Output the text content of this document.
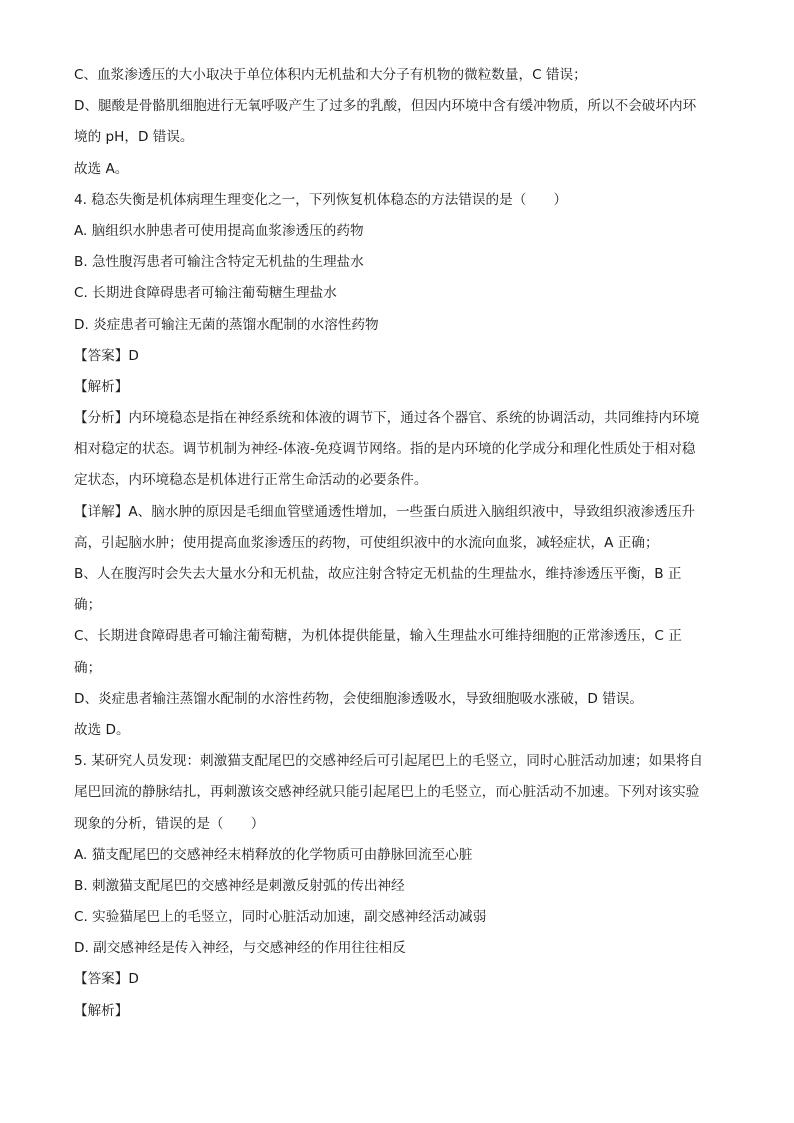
C、血浆渗透压的大小取决于单位体积内无机盐和大分子有机物的微粒数量，C 错误；
D、腿酸是骨骼肌细胞进行无氧呼吸产生了过多的乳酸，但因内环境中含有缓冲物质，所以不会破坏内环
境的 pH，D 错误。
故选 A。
4. 稳态失衡是机体病理生理变化之一，下列恢复机体稳态的方法错误的是（　　）
A. 脑组织水肿患者可使用提高血浆渗透压的药物
B. 急性腹泻患者可输注含特定无机盐的生理盐水
C. 长期进食障碍患者可输注葡萄糖生理盐水
D. 炎症患者可输注无菌的蒸馏水配制的水溶性药物
【答案】D
【解析】
【分析】内环境稳态是指在神经系统和体液的调节下，通过各个器官、系统的协调活动，共同维持内环境
相对稳定的状态。调节机制为神经-体液-免疫调节网络。指的是内环境的化学成分和理化性质处于相对稳
定状态，内环境稳态是机体进行正常生命活动的必要条件。
【详解】A、脑水肿的原因是毛细血管壁通透性增加，一些蛋白质进入脑组织液中，导致组织液渗透压升
高，引起脑水肿；使用提高血浆渗透压的药物，可使组织液中的水流向血浆，减轻症状，A 正确；
B、人在腹泻时会失去大量水分和无机盐，故应注射含特定无机盐的生理盐水，维持渗透压平衡，B 正
确；
C、长期进食障碍患者可输注葡萄糖，为机体提供能量，输入生理盐水可维持细胞的正常渗透压，C 正
确；
D、炎症患者输注蒸馏水配制的水溶性药物，会使细胞渗透吸水，导致细胞吸水涨破，D 错误。
故选 D。
5. 某研究人员发现：刺激猫支配尾巴的交感神经后可引起尾巴上的毛竖立，同时心脏活动加速；如果将自
尾巴回流的静脉结扎，再刺激该交感神经就只能引起尾巴上的毛竖立，而心脏活动不加速。下列对该实验
现象的分析，错误的是（　　）
A. 猫支配尾巴的交感神经末梢释放的化学物质可由静脉回流至心脏
B. 刺激猫支配尾巴的交感神经是刺激反射弧的传出神经
C. 实验猫尾巴上的毛竖立，同时心脏活动加速，副交感神经活动减弱
D. 副交感神经是传入神经，与交感神经的作用往往相反
【答案】D
【解析】
